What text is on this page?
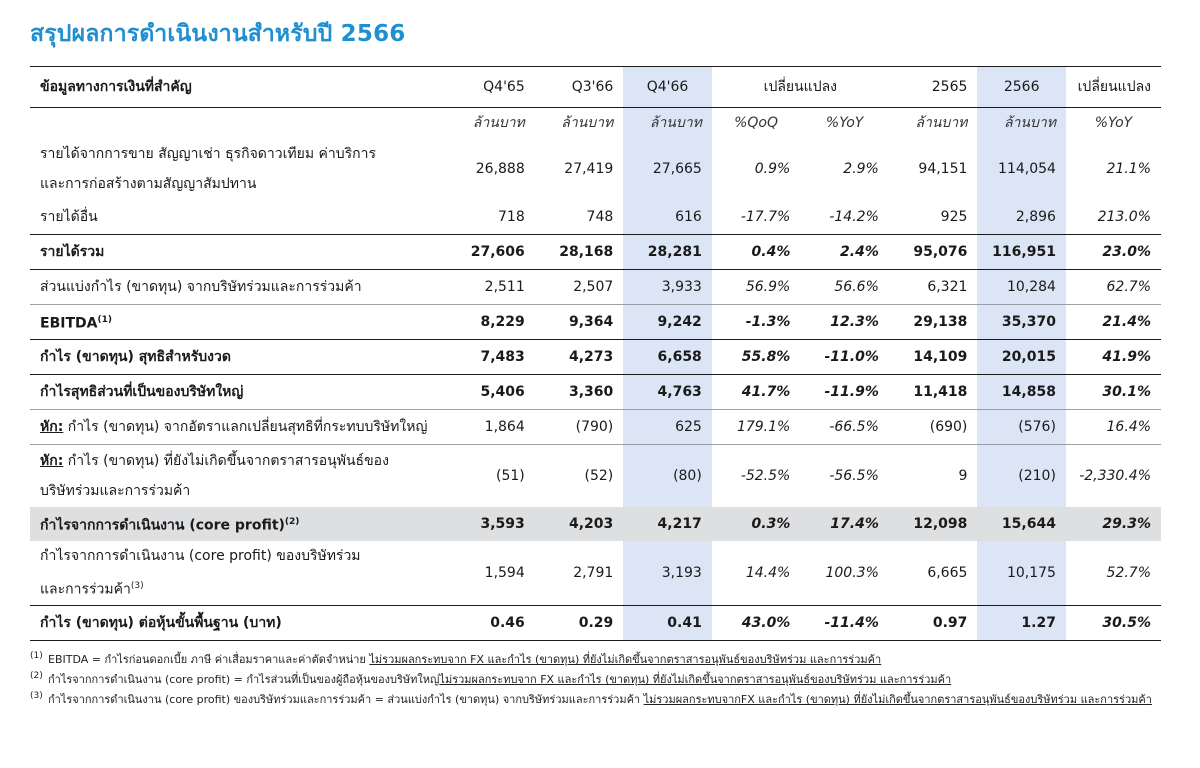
สรุปผลการดำเนินงานสำหรับปี 2566
ข้อมูลทางการเงินที่สำคัญ	Q4'65	Q3'66	Q4'66	เปลี่ยนแปลง		2565	2566	เปลี่ยนแปลง
	ล้านบาท	ล้านบาท	ล้านบาท	%QoQ	%YoY	ล้านบาท	ล้านบาท	%YoY

รายได้จากการขาย สัญญาเช่า ธุรกิจดาวเทียม ค่าบริการ
และการก่อสร้างตามสัญญาสัมปทาน	26,888	27,419	27,665	0.9%	2.9%	94,151	114,054	21.1%

รายได้อื่น	718	748	616	-17.7%	-14.2%	925	2,896	213.0%

รายได้รวม	27,606	28,168	28,281	0.4%	2.4%	95,076	116,951	23.0%

ส่วนแบ่งกำไร (ขาดทุน) จากบริษัทร่วมและการร่วมค้า	2,511	2,507	3,933	56.9%	56.6%	6,321	10,284	62.7%

EBITDA$^{(1)}$	8,229	9,364	9,242	-1.3%	12.3%	29,138	35,370	21.4%

กำไร (ขาดทุน) สุทธิสำหรับงวด	7,483	4,273	6,658	55.8%	-11.0%	14,109	20,015	41.9%

กำไรสุทธิส่วนที่เป็นของบริษัทใหญ่	5,406	3,360	4,763	41.7%	-11.9%	11,418	14,858	30.1%

หัก: กำไร (ขาดทุน) จากอัตราแลกเปลี่ยนสุทธิที่กระทบบริษัทใหญ่	1,864	(790)	625	179.1%	-66.5%	(690)	(576)	16.4%

หัก: กำไร (ขาดทุน) ที่ยังไม่เกิดขึ้นจากตราสารอนุพันธ์ของ
บริษัทร่วมและการร่วมค้า	(51)	(52)	(80)	-52.5%	-56.5%	9	(210)	-2,330.4%

กำไรจากการดำเนินงาน (core profit)$^{(2)}$	3,593	4,203	4,217	0.3%	17.4%	12,098	15,644	29.3%

กำไรจากการดำเนินงาน (core profit) ของบริษัทร่วม
และการร่วมค้า$^{(3)}$	1,594	2,791	3,193	14.4%	100.3%	6,665	10,175	52.7%

กำไร (ขาดทุน) ต่อหุ้นขั้นพื้นฐาน (บาท)	0.46	0.29	0.41	43.0%	-11.4%	0.97	1.27	30.5%
(1) EBITDA = กำไรก่อนดอกเบี้ย ภาษี ค่าเสื่อมราคาและค่าตัดจำหน่าย ไม่รวมผลกระทบจาก FX และกำไร (ขาดทุน) ที่ยังไม่เกิดขึ้นจากตราสารอนุพันธ์ของบริษัทร่วม และการร่วมค้า
(2) กำไรจากการดำเนินงาน (core profit) = กำไรส่วนที่เป็นของผู้ถือหุ้นของบริษัทใหญ่ไม่รวมผลกระทบจาก FX และกำไร (ขาดทุน) ที่ยังไม่เกิดขึ้นจากตราสารอนุพันธ์ของบริษัทร่วม และการร่วมค้า
(3) กำไรจากการดำเนินงาน (core profit) ของบริษัทร่วมและการร่วมค้า = ส่วนแบ่งกำไร (ขาดทุน) จากบริษัทร่วมและการร่วมค้า ไม่รวมผลกระทบจากFX และกำไร (ขาดทุน) ที่ยังไม่เกิดขึ้นจากตราสารอนุพันธ์ของบริษัทร่วม และการร่วมค้า
